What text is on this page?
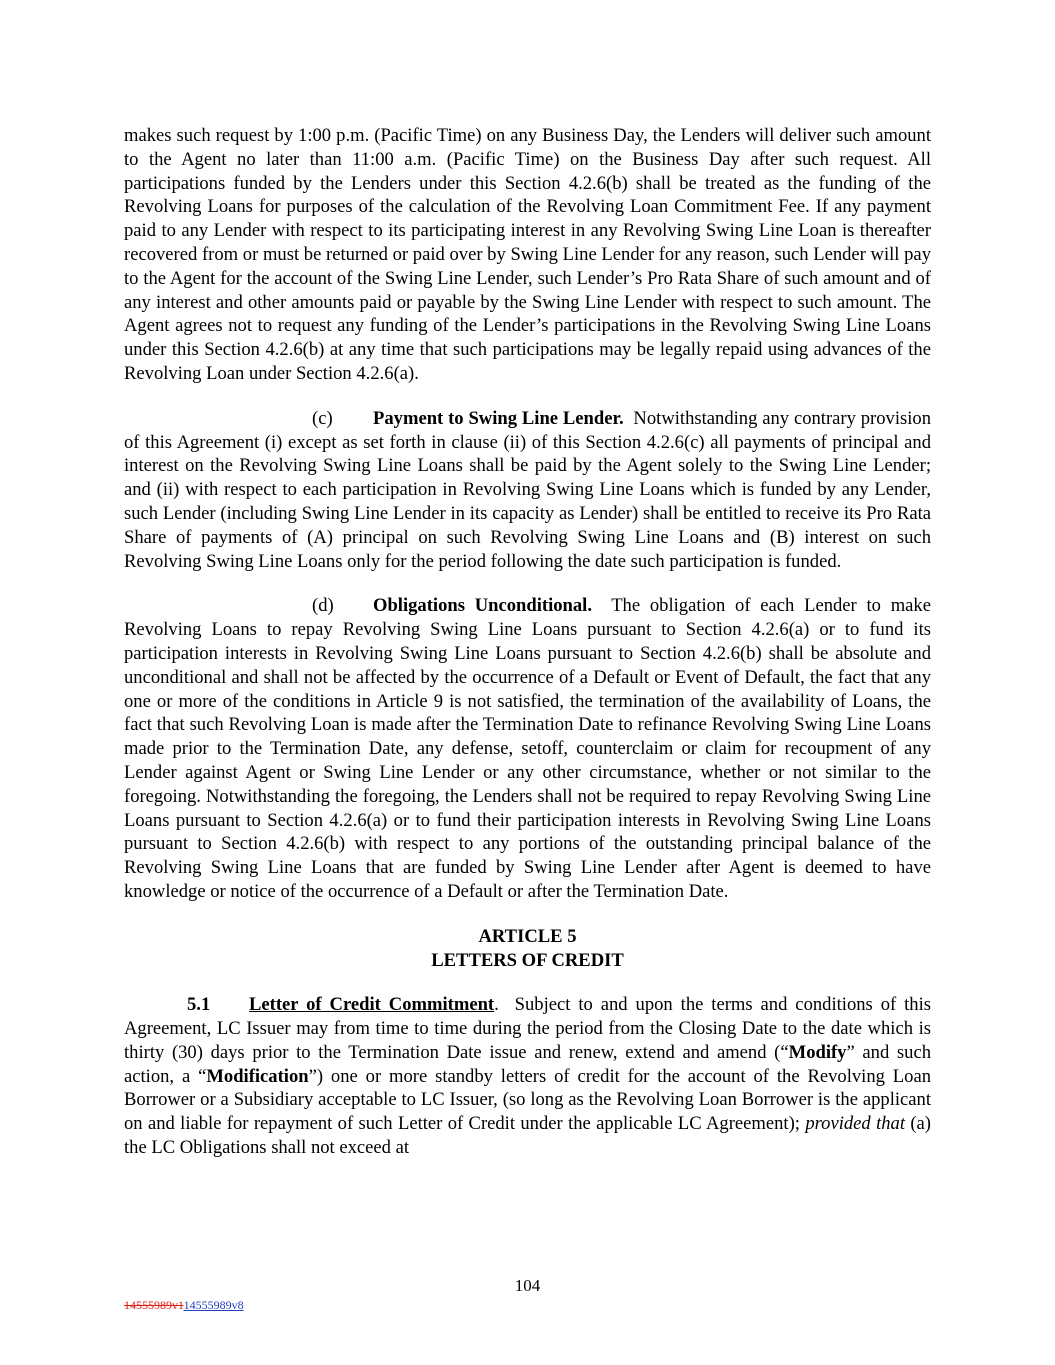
makes such request by 1:00 p.m. (Pacific Time) on any Business Day, the Lenders will deliver such amount to the Agent no later than 11:00 a.m. (Pacific Time) on the Business Day after such request. All participations funded by the Lenders under this Section 4.2.6(b) shall be treated as the funding of the Revolving Loans for purposes of the calculation of the Revolving Loan Commitment Fee. If any payment paid to any Lender with respect to its participating interest in any Revolving Swing Line Loan is thereafter recovered from or must be returned or paid over by Swing Line Lender for any reason, such Lender will pay to the Agent for the account of the Swing Line Lender, such Lender’s Pro Rata Share of such amount and of any interest and other amounts paid or payable by the Swing Line Lender with respect to such amount. The Agent agrees not to request any funding of the Lender’s participations in the Revolving Swing Line Loans under this Section 4.2.6(b) at any time that such participations may be legally repaid using advances of the Revolving Loan under Section 4.2.6(a).

(c) Payment to Swing Line Lender. Notwithstanding any contrary provision of this Agreement (i) except as set forth in clause (ii) of this Section 4.2.6(c) all payments of principal and interest on the Revolving Swing Line Loans shall be paid by the Agent solely to the Swing Line Lender; and (ii) with respect to each participation in Revolving Swing Line Loans which is funded by any Lender, such Lender (including Swing Line Lender in its capacity as Lender) shall be entitled to receive its Pro Rata Share of payments of (A) principal on such Revolving Swing Line Loans and (B) interest on such Revolving Swing Line Loans only for the period following the date such participation is funded.

(d) Obligations Unconditional. The obligation of each Lender to make Revolving Loans to repay Revolving Swing Line Loans pursuant to Section 4.2.6(a) or to fund its participation interests in Revolving Swing Line Loans pursuant to Section 4.2.6(b) shall be absolute and unconditional and shall not be affected by the occurrence of a Default or Event of Default, the fact that any one or more of the conditions in Article 9 is not satisfied, the termination of the availability of Loans, the fact that such Revolving Loan is made after the Termination Date to refinance Revolving Swing Line Loans made prior to the Termination Date, any defense, setoff, counterclaim or claim for recoupment of any Lender against Agent or Swing Line Lender or any other circumstance, whether or not similar to the foregoing. Notwithstanding the foregoing, the Lenders shall not be required to repay Revolving Swing Line Loans pursuant to Section 4.2.6(a) or to fund their participation interests in Revolving Swing Line Loans pursuant to Section 4.2.6(b) with respect to any portions of the outstanding principal balance of the Revolving Swing Line Loans that are funded by Swing Line Lender after Agent is deemed to have knowledge or notice of the occurrence of a Default or after the Termination Date.

ARTICLE 5
LETTERS OF CREDIT

5.1 Letter of Credit Commitment. Subject to and upon the terms and conditions of this Agreement, LC Issuer may from time to time during the period from the Closing Date to the date which is thirty (30) days prior to the Termination Date issue and renew, extend and amend (“Modify” and such action, a “Modification”) one or more standby letters of credit for the account of the Revolving Loan Borrower or a Subsidiary acceptable to LC Issuer, (so long as the Revolving Loan Borrower is the applicant on and liable for repayment of such Letter of Credit under the applicable LC Agreement); provided that (a) the LC Obligations shall not exceed at

104
14555989v114555989v8
